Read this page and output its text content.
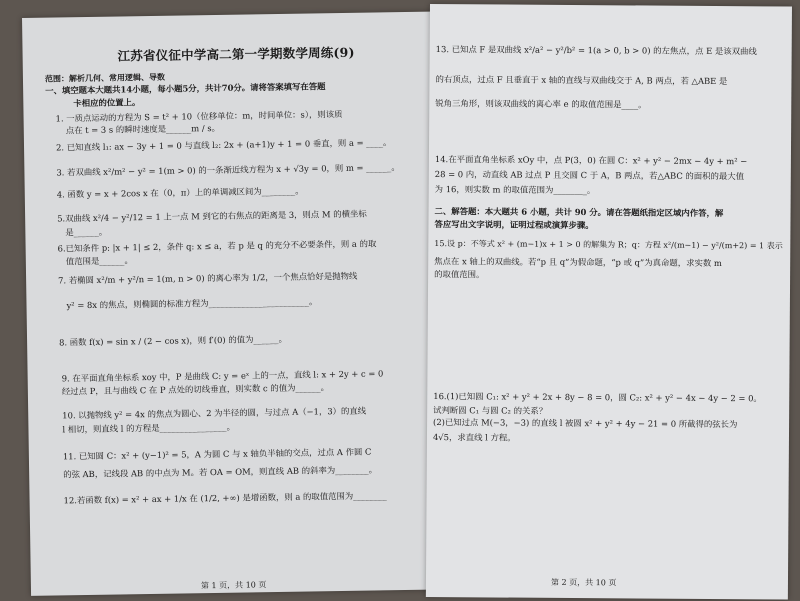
江苏省仪征中学高二第一学期数学周练(9)
范围：解析几何、常用逻辑、导数
一、填空题本大题共14小题，每小题5分，共计70分。请将答案填写在答题
卡相应的位置上。
1. 一质点运动的方程为 S = t² + 10（位移单位：m，时间单位：s），则该质
点在 t = 3 s 的瞬时速度是______m / s。
2. 已知直线 l₁: ax − 3y + 1 = 0 与直线 l₂: 2x + (a+1)y + 1 = 0 垂直，则 a = ____。
3. 若双曲线 x²/m² − y² = 1(m > 0) 的一条渐近线方程为 x + √3y = 0，则 m = ______。
4. 函数 y = x + 2cos x 在（0，π）上的单调减区间为________。
5.双曲线 x²/4 − y²/12 = 1 上一点 M 到它的右焦点的距离是 3，则点 M 的横坐标
是______。
6.已知条件 p: |x + 1| ≤ 2，条件 q: x ≤ a，若 p 是 q 的充分不必要条件，则 a 的取
值范围是______。
7. 若椭圆 x²/m + y²/n = 1(m, n > 0) 的离心率为 1/2，一个焦点恰好是抛物线
y² = 8x 的焦点，则椭圆的标准方程为________________________。
8. 函数 f(x) = sin x / (2 − cos x)，则 f′(0) 的值为______。
9. 在平面直角坐标系 xoy 中，P 是曲线 C: y = eˣ 上的一点，直线 l: x + 2y + c = 0
经过点 P，且与曲线 C 在 P 点处的切线垂直，则实数 c 的值为______。
10. 以抛物线 y² = 4x 的焦点为圆心、2 为半径的圆，与过点 A（−1，3）的直线
l 相切，则直线 l 的方程是________________。
11. 已知圆 C：x² + (y−1)² = 5，A 为圆 C 与 x 轴负半轴的交点，过点 A 作圆 C
的弦 AB，记线段 AB 的中点为 M。若 OA = OM，则直线 AB 的斜率为________。
12.若函数 f(x) = x² + ax + 1/x 在 (1/2, +∞) 是增函数，则 a 的取值范围为________
第 1 页，共 10 页
13. 已知点 F 是双曲线 x²/a² − y²/b² = 1(a > 0, b > 0) 的左焦点，点 E 是该双曲线
的右顶点，过点 F 且垂直于 x 轴的直线与双曲线交于 A, B 两点，若 △ABE 是
锐角三角形，则该双曲线的离心率 e 的取值范围是____。
14.在平面直角坐标系 xOy 中，点 P(3，0) 在圆 C：x² + y² − 2mx − 4y + m² −
28 = 0 内，动直线 AB 过点 P 且交圆 C 于 A，B 两点，若△ABC 的面积的最大值
为 16，则实数 m 的取值范围为________。
二、解答题：本大题共 6 小题，共计 90 分。请在答题纸指定区域内作答，解
答应写出文字说明，证明过程或演算步骤。
15.设 p：不等式 x² + (m−1)x + 1 > 0 的解集为 R；q：方程 x²/(m−1) − y²/(m+2) = 1 表示
焦点在 x 轴上的双曲线。若“p 且 q”为假命题，“p 或 q”为真命题，求实数 m
的取值范围。
16.(1)已知圆 C₁: x² + y² + 2x + 8y − 8 = 0，圆 C₂: x² + y² − 4x − 4y − 2 = 0。
试判断圆 C₁ 与圆 C₂ 的关系？
(2)已知过点 M(−3，−3) 的直线 l 被圆 x² + y² + 4y − 21 = 0 所截得的弦长为
4√5，求直线 l 方程。
第 2 页，共 10 页
